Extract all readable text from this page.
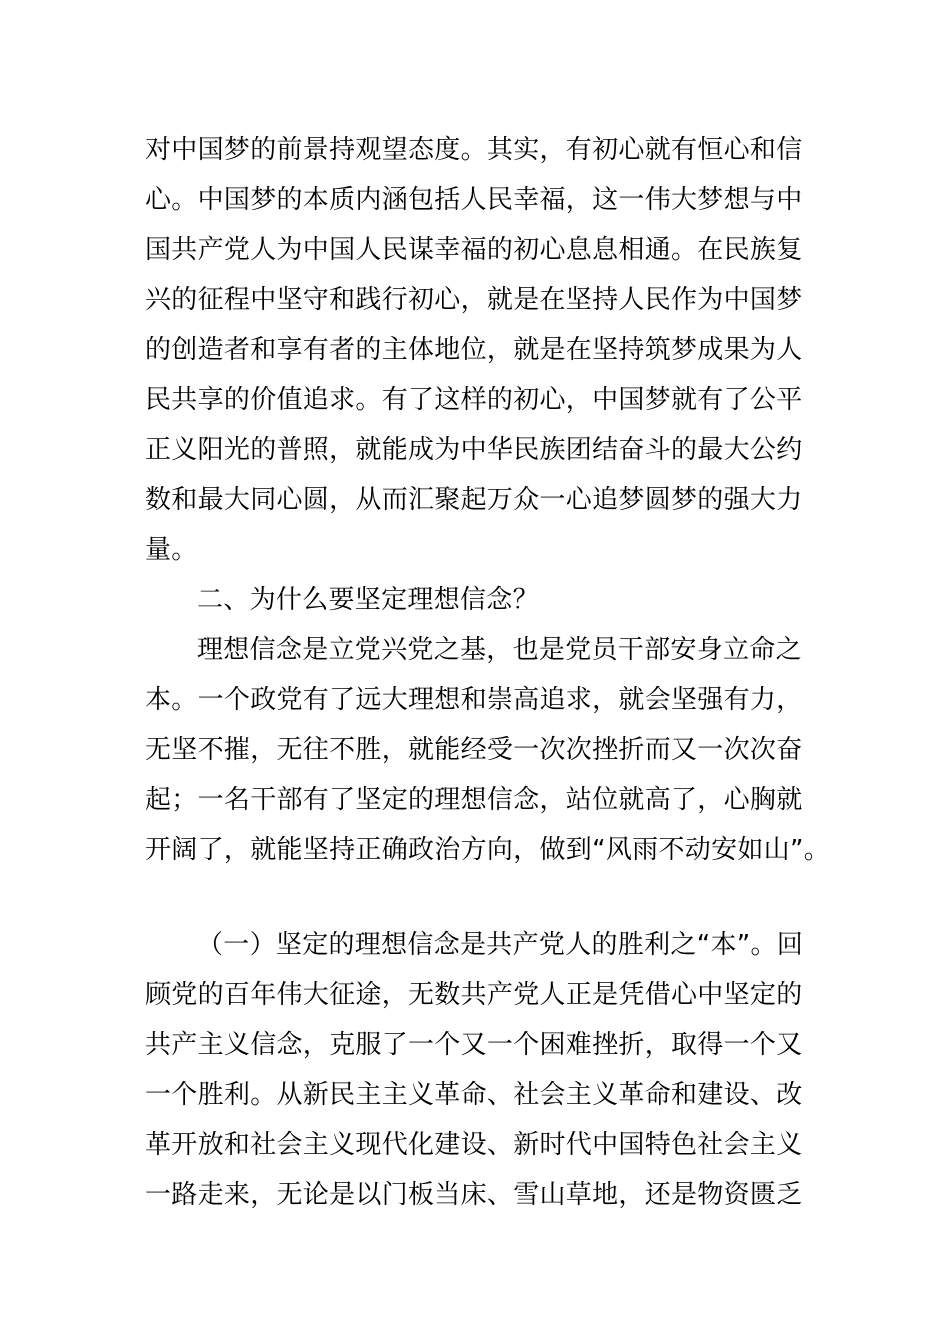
对中国梦的前景持观望态度。其实，有初心就有恒心和信
心。中国梦的本质内涵包括人民幸福，这一伟大梦想与中
国共产党人为中国人民谋幸福的初心息息相通。在民族复
兴的征程中坚守和践行初心，就是在坚持人民作为中国梦
的创造者和享有者的主体地位，就是在坚持筑梦成果为人
民共享的价值追求。有了这样的初心，中国梦就有了公平
正义阳光的普照，就能成为中华民族团结奋斗的最大公约
数和最大同心圆，从而汇聚起万众一心追梦圆梦的强大力
量。
二、为什么要坚定理想信念？
理想信念是立党兴党之基，也是党员干部安身立命之
本。一个政党有了远大理想和崇高追求，就会坚强有力，
无坚不摧，无往不胜，就能经受一次次挫折而又一次次奋
起；一名干部有了坚定的理想信念，站位就高了，心胸就
开阔了，就能坚持正确政治方向，做到“风雨不动安如山”。
（一）坚定的理想信念是共产党人的胜利之“本”。回
顾党的百年伟大征途，无数共产党人正是凭借心中坚定的
共产主义信念，克服了一个又一个困难挫折，取得一个又
一个胜利。从新民主主义革命、社会主义革命和建设、改
革开放和社会主义现代化建设、新时代中国特色社会主义
一路走来，无论是以门板当床、雪山草地，还是物资匮乏
